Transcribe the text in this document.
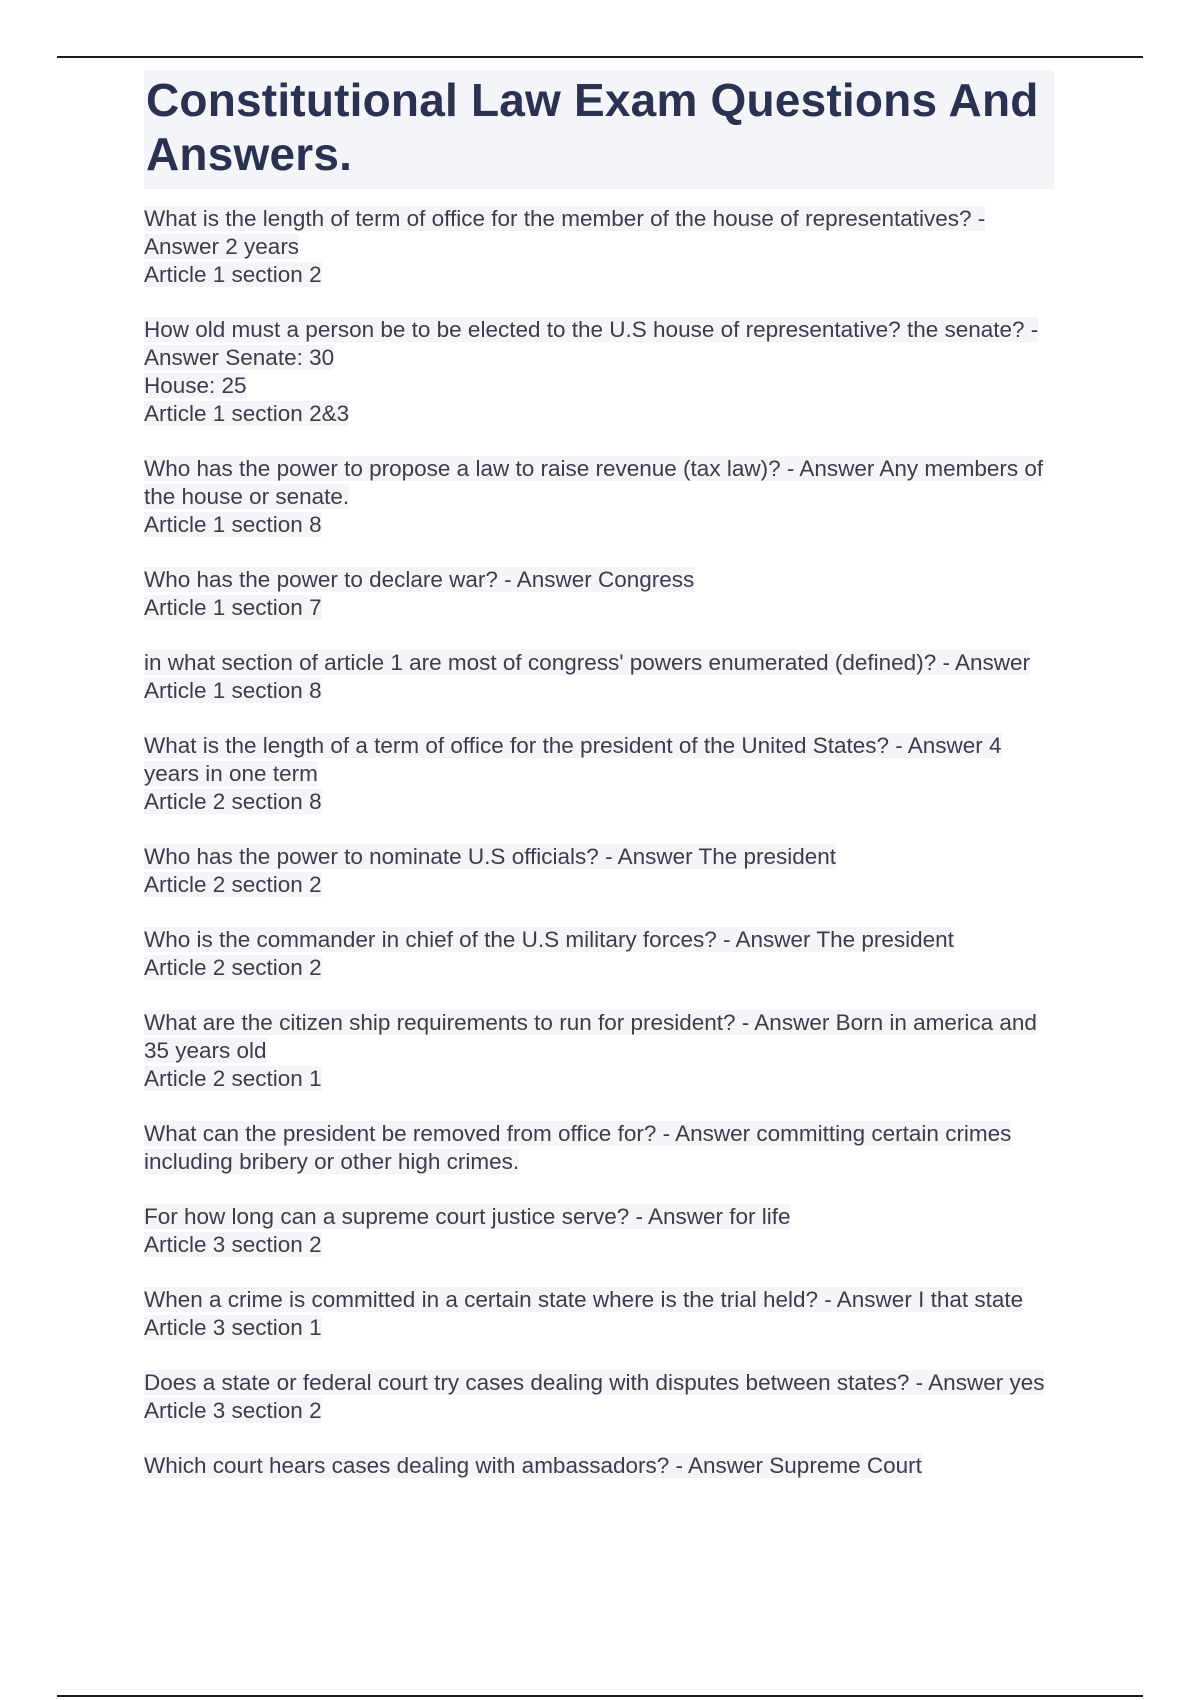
Constitutional Law Exam Questions And Answers.

What is the length of term of office for the member of the house of representatives? - Answer 2 years
Article 1 section 2

How old must a person be to be elected to the U.S house of representative? the senate? - Answer Senate: 30
House: 25
Article 1 section 2&3

Who has the power to propose a law to raise revenue (tax law)? - Answer Any members of the house or senate.
Article 1 section 8

Who has the power to declare war? - Answer Congress
Article 1 section 7

in what section of article 1 are most of congress' powers enumerated (defined)? - Answer Article 1 section 8

What is the length of a term of office for the president of the United States? - Answer 4 years in one term
Article 2 section 8

Who has the power to nominate U.S officials? - Answer The president
Article 2 section 2

Who is the commander in chief of the U.S military forces? - Answer The president
Article 2 section 2

What are the citizen ship requirements to run for president? - Answer Born in america and 35 years old
Article 2 section 1

What can the president be removed from office for? - Answer committing certain crimes including bribery or other high crimes.

For how long can a supreme court justice serve? - Answer for life
Article 3 section 2

When a crime is committed in a certain state where is the trial held? - Answer I that state
Article 3 section 1

Does a state or federal court try cases dealing with disputes between states? - Answer yes
Article 3 section 2

Which court hears cases dealing with ambassadors? - Answer Supreme Court
